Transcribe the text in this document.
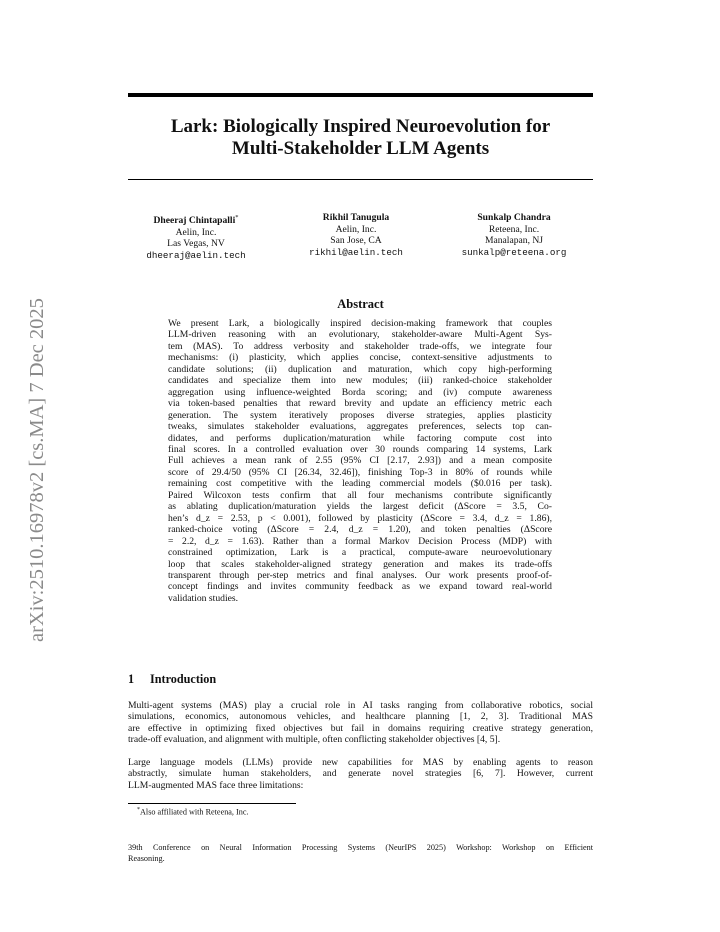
arXiv:2510.16978v2 [cs.MA] 7 Dec 2025
Lark: Biologically Inspired Neuroevolution for
Multi-Stakeholder LLM Agents
Dheeraj Chintapalli*
Aelin, Inc.
Las Vegas, NV
dheeraj@aelin.tech
Rikhil Tanugula
Aelin, Inc.
San Jose, CA
rikhil@aelin.tech
Sunkalp Chandra
Reteena, Inc.
Manalapan, NJ
sunkalp@reteena.org
Abstract
We present Lark, a biologically inspired decision-making framework that couples
LLM-driven reasoning with an evolutionary, stakeholder-aware Multi-Agent Sys-
tem (MAS). To address verbosity and stakeholder trade-offs, we integrate four
mechanisms: (i) plasticity, which applies concise, context-sensitive adjustments to
candidate solutions; (ii) duplication and maturation, which copy high-performing
candidates and specialize them into new modules; (iii) ranked-choice stakeholder
aggregation using influence-weighted Borda scoring; and (iv) compute awareness
via token-based penalties that reward brevity and update an efficiency metric each
generation. The system iteratively proposes diverse strategies, applies plasticity
tweaks, simulates stakeholder evaluations, aggregates preferences, selects top can-
didates, and performs duplication/maturation while factoring compute cost into
final scores. In a controlled evaluation over 30 rounds comparing 14 systems, Lark
Full achieves a mean rank of 2.55 (95% CI [2.17, 2.93]) and a mean composite
score of 29.4/50 (95% CI [26.34, 32.46]), finishing Top-3 in 80% of rounds while
remaining cost competitive with the leading commercial models ($0.016 per task).
Paired Wilcoxon tests confirm that all four mechanisms contribute significantly
as ablating duplication/maturation yields the largest deficit (ΔScore = 3.5, Co-
hen’s d_z = 2.53, p < 0.001), followed by plasticity (ΔScore = 3.4, d_z = 1.86),
ranked-choice voting (ΔScore = 2.4, d_z = 1.20), and token penalties (ΔScore
= 2.2, d_z = 1.63). Rather than a formal Markov Decision Process (MDP) with
constrained optimization, Lark is a practical, compute-aware neuroevolutionary
loop that scales stakeholder-aligned strategy generation and makes its trade-offs
transparent through per-step metrics and final analyses. Our work presents proof-of-
concept findings and invites community feedback as we expand toward real-world
validation studies.
1 Introduction
Multi-agent systems (MAS) play a crucial role in AI tasks ranging from collaborative robotics, social
simulations, economics, autonomous vehicles, and healthcare planning [1, 2, 3]. Traditional MAS
are effective in optimizing fixed objectives but fail in domains requiring creative strategy generation,
trade-off evaluation, and alignment with multiple, often conflicting stakeholder objectives [4, 5].
Large language models (LLMs) provide new capabilities for MAS by enabling agents to reason
abstractly, simulate human stakeholders, and generate novel strategies [6, 7]. However, current
LLM-augmented MAS face three limitations:
*Also affiliated with Reteena, Inc.
39th Conference on Neural Information Processing Systems (NeurIPS 2025) Workshop: Workshop on Efficient
Reasoning.
